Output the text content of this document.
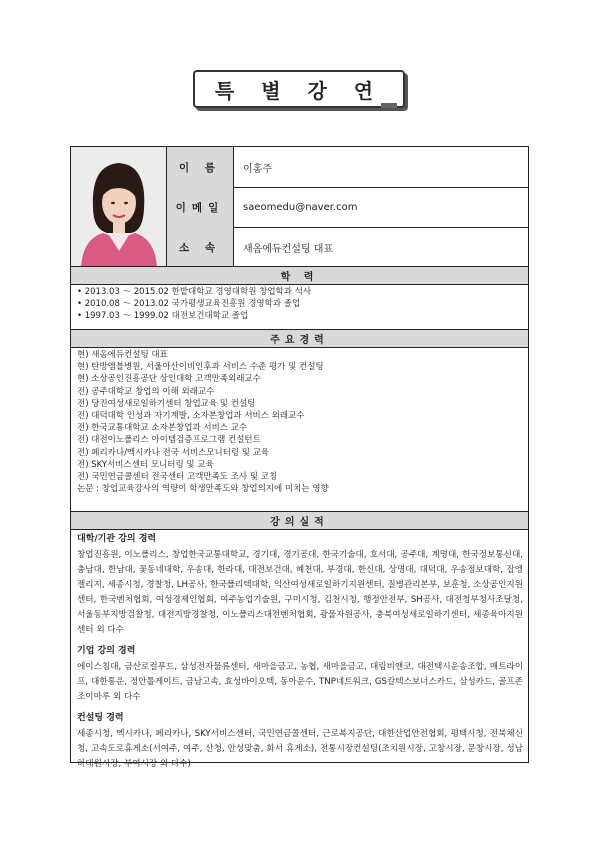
특 별 강 연
이 름	이홍주
이메일	saeomedu@naver.com
소 속	새옴에듀컨설팅 대표
학 력
• 2013.03 ～ 2015.02 한밭대학교 경영대학원 창업학과 석사
• 2010.08 ～ 2013.02 국가평생교육진흥원 경영학과 졸업
• 1997.03 ～ 1999.02 대전보건대학교 졸업
주요경력
현) 새옴에듀컨설팅 대표
현) 탄방엠블병원, 서울아산이비인후과 서비스 수준 평가 및 컨설팅
현) 소상공인진흥공단 상인대학 고객만족외래교수
전) 공주대학교 창업의 이해 외래교수
전) 당진여성새로일하기센터 창업교육 및 컨설팅
전) 대덕대학 인성과 자기계발, 소자본창업과 서비스 외래교수
전) 한국교통대학교 소자본창업과 서비스 교수
전) 대전이노폴리스 아이템검증프로그램 컨설턴트
전) 페리카나/멕시카나 전국 서비스모니터링 및 교육
전) SKY서비스센터 모니터링 및 교육
전) 국민연금콜센터 전국센터 고객만족도 조사 및 코칭
논문 : 창업교육강사의 역량이 학생만족도와 창업의지에 미치는 영향
강의실적
대학/기관 강의 경력

창업진흥원, 이노폴리스, 창업한국교통대학교, 경기대, 경기공대, 한국기술대, 호서대, 공주대, 계명대, 한국정보통신대, 충남대, 한남대, 꽃동네대학, 우송대, 한라대, 대전보건대, 혜천대, 부경대, 한신대, 상명대, 대덕대, 우송정보대학, 잡엥젤리지, 세종시청, 경찰청, LH공사, 한국폴리텍대학, 익산여성새로일하기지원센터, 질병관리본부, 보훈청, 소상공인지원센터, 한국벤처협회, 여성경제인협회, 여주농업기술원, 구미시청, 김천시청, 행정안전부, SH공사, 대전청부청사조달청, 서울동부지방검찰청, 대전지방경찰청, 이노폴리스대전벤처협회, 광물자원공사, 충북여성새로일하기센터, 세종육아지원센터 외 다수

기업 강의 경력

에이스침대, 금산로컬푸드, 삼성전자물류센터, 새마을금고, 농협, 새마을금고, 대림비앤코, 대전택시운송조합, 매트라이프, 대한통운, 정안톨게이트, 금남고속, 효성바이오텍, 동아운수, TNP네트워크, GS칼텍스보너스카드, 삼성카드, 골프존 조이마루 외 다수

컨설팅 경력

세종시청, 멕시카나, 페리카나, SKY서비스센터, 국민연금콜센터, 근로복지공단, 대한산업안전협회, 평택시청, 전북체신청, 고속도로휴게소(서여주, 여주, 산청, 안성맞춤, 화서 휴게소), 전통시장컨설팅(조치원시장, 고창시장, 문창시장, 성남하대원시장, 부여시장 외 다수)
